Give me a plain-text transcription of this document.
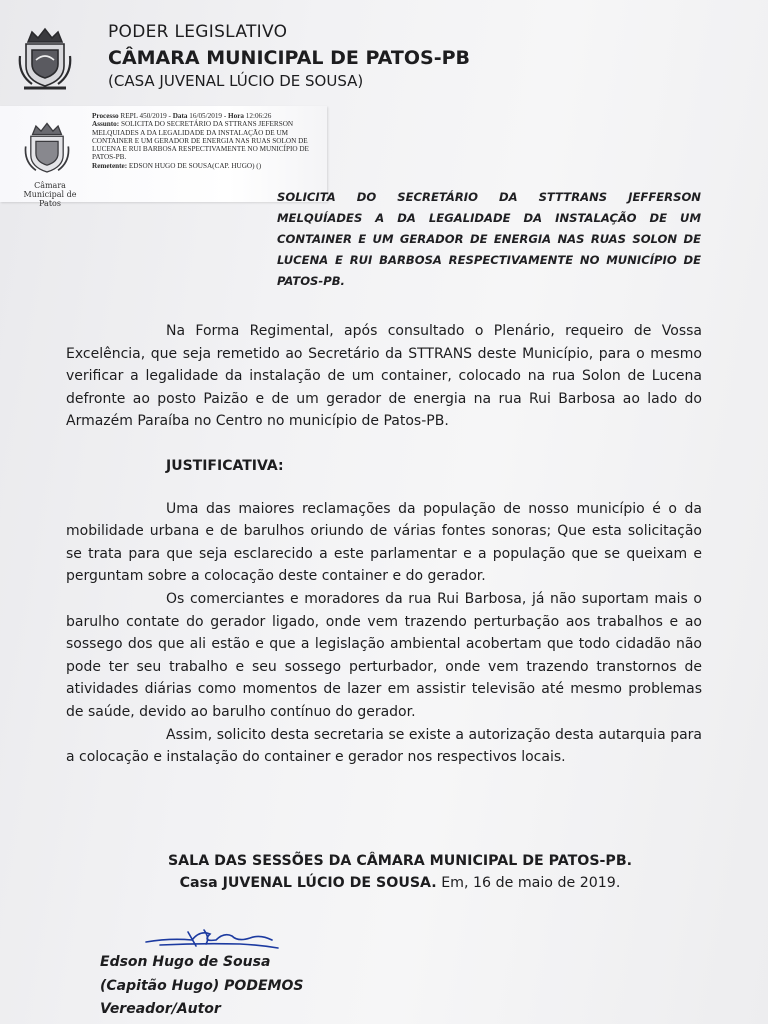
PODER LEGISLATIVO
CÂMARA MUNICIPAL DE PATOS-PB
(CASA JUVENAL LÚCIO DE SOUSA)
Câmara Municipal de Patos
Processo REPL 450/2019 - Data 16/05/2019 - Hora 12:06:26
Assunto: SOLICITA DO SECRETÁRIO DA STTRANS JEFERSON MELQUIADES A DA LEGALIDADE DA INSTALAÇÃO DE UM CONTAINER E UM GERADOR DE ENERGIA NAS RUAS SOLON DE LUCENA E RUI BARBOSA RESPECTIVAMENTE NO MUNICÍPIO DE PATOS-PB.
Remetente: EDSON HUGO DE SOUSA(CAP. HUGO) ()
SOLICITA DO SECRETÁRIO DA STTTRANS JEFFERSON MELQUÍADES A DA LEGALIDADE DA INSTALAÇÃO DE UM CONTAINER E UM GERADOR DE ENERGIA NAS RUAS SOLON DE LUCENA E RUI BARBOSA RESPECTIVAMENTE NO MUNICÍPIO DE PATOS-PB.

Na Forma Regimental, após consultado o Plenário, requeiro de Vossa Excelência, que seja remetido ao Secretário da STTRANS deste Município, para o mesmo verificar a legalidade da instalação de um container, colocado na rua Solon de Lucena defronte ao posto Paizão e de um gerador de energia na rua Rui Barbosa ao lado do Armazém Paraíba no Centro no município de Patos-PB.

JUSTIFICATIVA:

Uma das maiores reclamações da população de nosso município é o da mobilidade urbana e de barulhos oriundo de várias fontes sonoras; Que esta solicitação se trata para que seja esclarecido a este parlamentar e a população que se queixam e perguntam sobre a colocação deste container e do gerador.

Os comerciantes e moradores da rua Rui Barbosa, já não suportam mais o barulho contate do gerador ligado, onde vem trazendo perturbação aos trabalhos e ao sossego dos que ali estão e que a legislação ambiental acobertam que todo cidadão não pode ter seu trabalho e seu sossego perturbador, onde vem trazendo transtornos de atividades diárias como momentos de lazer em assistir televisão até mesmo problemas de saúde, devido ao barulho contínuo do gerador.

Assim, solicito desta secretaria se existe a autorização desta autarquia para a colocação e instalação do container e gerador nos respectivos locais.

SALA DAS SESSÕES DA CÂMARA MUNICIPAL DE PATOS-PB.
Casa JUVENAL LÚCIO DE SOUSA. Em, 16 de maio de 2019.
Edson Hugo de Sousa
(Capitão Hugo) PODEMOS
Vereador/Autor
